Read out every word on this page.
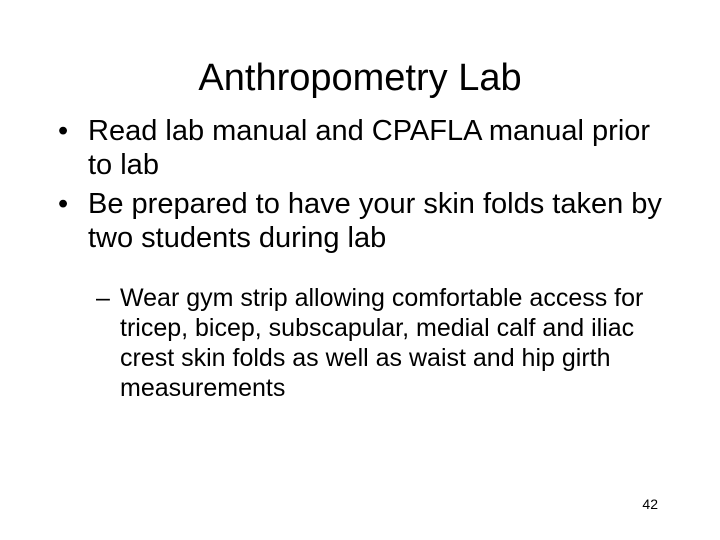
Anthropometry Lab
• Read lab manual and CPAFLA manual prior to lab
• Be prepared to have your skin folds taken by two students during lab
– Wear gym strip allowing comfortable access for tricep, bicep, subscapular, medial calf and iliac crest skin folds as well as waist and hip girth measurements
42
